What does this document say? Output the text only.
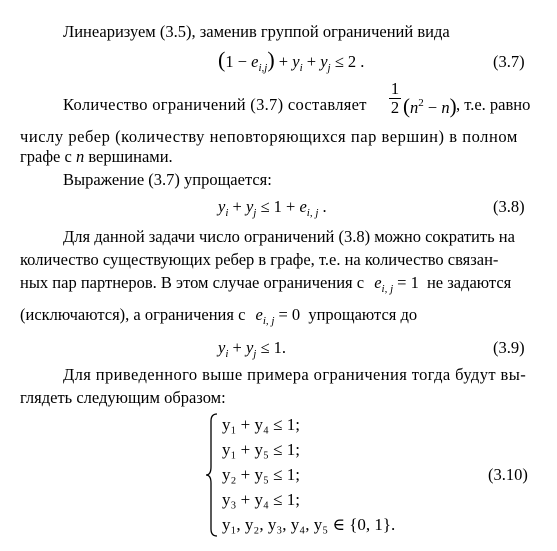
Линеаризуем (3.5), заменив группой ограничений вида
$(1 - e_{i,j}) + y_i + y_j \le 2$ .	(3.7)
Количество ограничений (3.7) составляет
1
2 $(n^2 - n)$ , т.е. равно
числу ребер (количеству неповторяющихся пар вершин) в полном
графе с n вершинами.
Выражение (3.7) упрощается:
$y_i + y_j \le 1 + e_{i, j}$ .	(3.8)
Для данной задачи число ограничений (3.8) можно сократить на
количество существующих ребер в графе, т.е. на количество связан-
ных пар партнеров. В этом случае ограничения с $e_{i, j} = 1$ не задаются
(исключаются), а ограничения с $e_{i, j} = 0$ упрощаются до
$y_i + y_j \le 1$.	(3.9)
Для приведенного выше примера ограничения тогда будут вы-
глядеть следующим образом:
y₁ + y₄ ≤ 1;
y₁ + y₅ ≤ 1;
y₂ + y₅ ≤ 1;
y₃ + y₄ ≤ 1;
y₁, y₂, y₃, y₄, y₅ ∈ {0, 1}.
(3.10)
